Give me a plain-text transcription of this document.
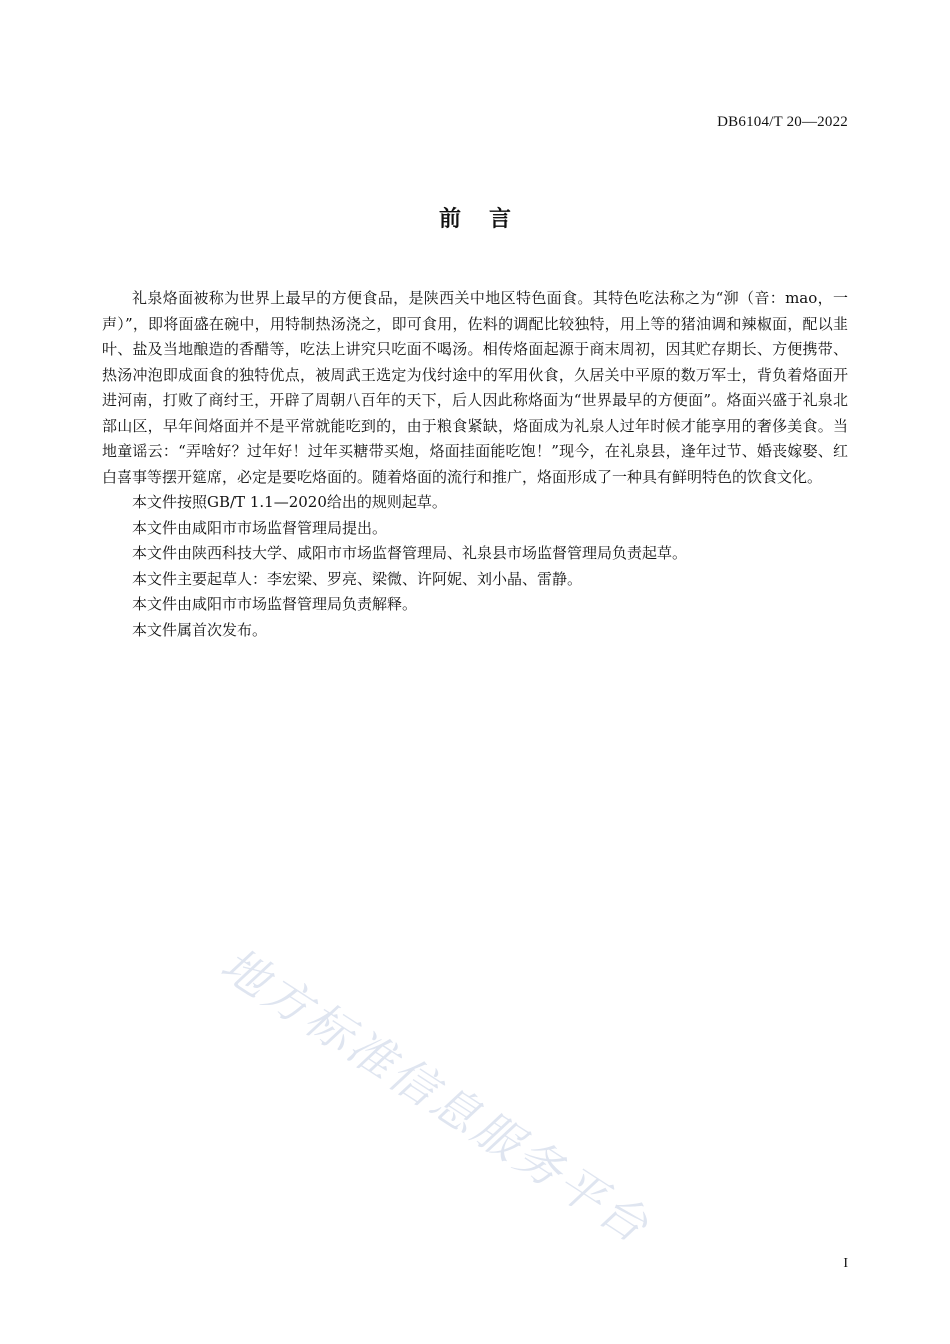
DB6104/T 20—2022
前言

礼泉烙面被称为世界上最早的方便食品，是陕西关中地区特色面食。其特色吃法称之为“泖（音：mao，一声）”，即将面盛在碗中，用特制热汤浇之，即可食用，佐料的调配比较独特，用上等的猪油调和辣椒面，配以韭叶、盐及当地酿造的香醋等，吃法上讲究只吃面不喝汤。相传烙面起源于商末周初，因其贮存期长、方便携带、热汤冲泡即成面食的独特优点，被周武王选定为伐纣途中的军用伙食，久居关中平原的数万军士，背负着烙面开进河南，打败了商纣王，开辟了周朝八百年的天下，后人因此称烙面为“世界最早的方便面”。烙面兴盛于礼泉北部山区，早年间烙面并不是平常就能吃到的，由于粮食紧缺，烙面成为礼泉人过年时候才能享用的奢侈美食。当地童谣云：“弄啥好？过年好！过年买糖带买炮，烙面挂面能吃饱！”现今，在礼泉县，逢年过节、婚丧嫁娶、红白喜事等摆开筵席，必定是要吃烙面的。随着烙面的流行和推广，烙面形成了一种具有鲜明特色的饮食文化。

本文件按照GB/T 1.1—2020给出的规则起草。

本文件由咸阳市市场监督管理局提出。

本文件由陕西科技大学、咸阳市市场监督管理局、礼泉县市场监督管理局负责起草。

本文件主要起草人：李宏梁、罗亮、梁微、许阿妮、刘小晶、雷静。

本文件由咸阳市市场监督管理局负责解释。

本文件属首次发布。

地方标准信息服务平台
I
